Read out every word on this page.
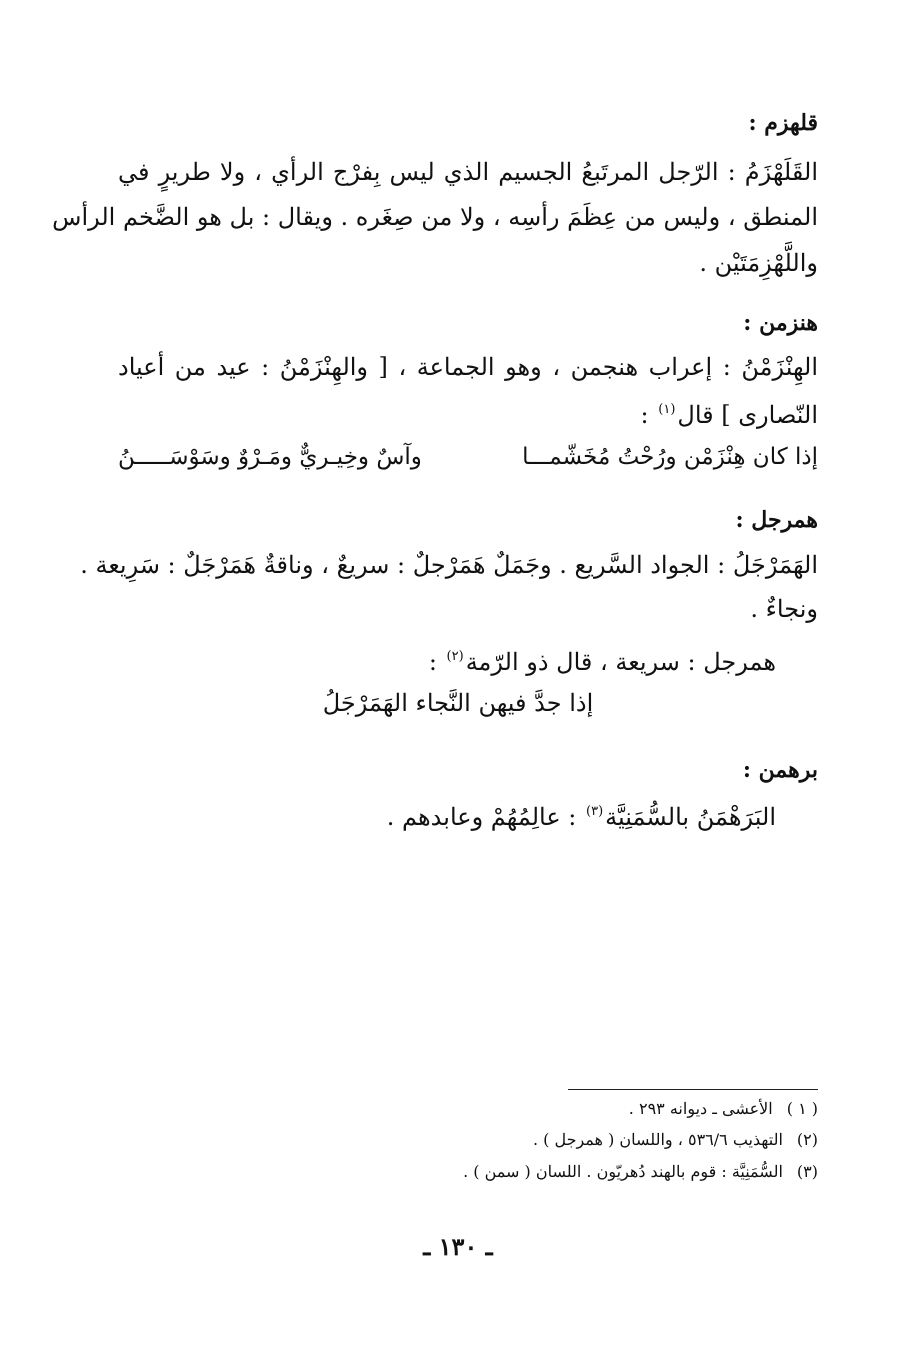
قلهزم :
القَلَهْزَمُ : الرّجل المرتَبعُ الجسيم الذي ليس بِفرْج الرأي ، ولا طريرٍ في
المنطق ، وليس من عِظَمَ رأسِه ، ولا من صِغَره . ويقال : بل هو الضَّخم الرأس
واللَّهْزِمَتَيْن .
هنزمن :
الهِنْزَمْنُ : إعراب هنجمن ، وهو الجماعة ، [ والهِنْزَمْنُ : عيد من أعياد
النّصارى ] قال$^{(١)}$ :
إذا كان هِنْزَمْن ورُحْتُ مُخَشّمـــا
وآسٌ وخِيـريٌّ ومَـرْوٌ وسَوْسَـــــنُ
همرجل :
الهَمَرْجَلُ : الجواد السَّريع . وجَمَلٌ هَمَرْجلٌ : سريعٌ ، وناقةٌ هَمَرْجَلٌ : سَرِيعة .
ونجاءٌ .
همرجل : سريعة ، قال ذو الرّمة$^{(٢)}$ :
إذا جدَّ فيهن النَّجاء الهَمَرْجَلُ
برهمن :
البَرَهْمَنُ بالسُّمَنِيَّة$^{(٣)}$ : عالِمُهُمْ وعابدهم .
( ١ )الأعشى ـ ديوانه ٢٩٣ .
(٢)التهذيب ٥٣٦/٦ ، واللسان ( همرجل ) .
(٣)السُّمَنِيَّة : قوم بالهند دُهريّون . اللسان ( سمن ) .
ـ ١٣٠ ـ
